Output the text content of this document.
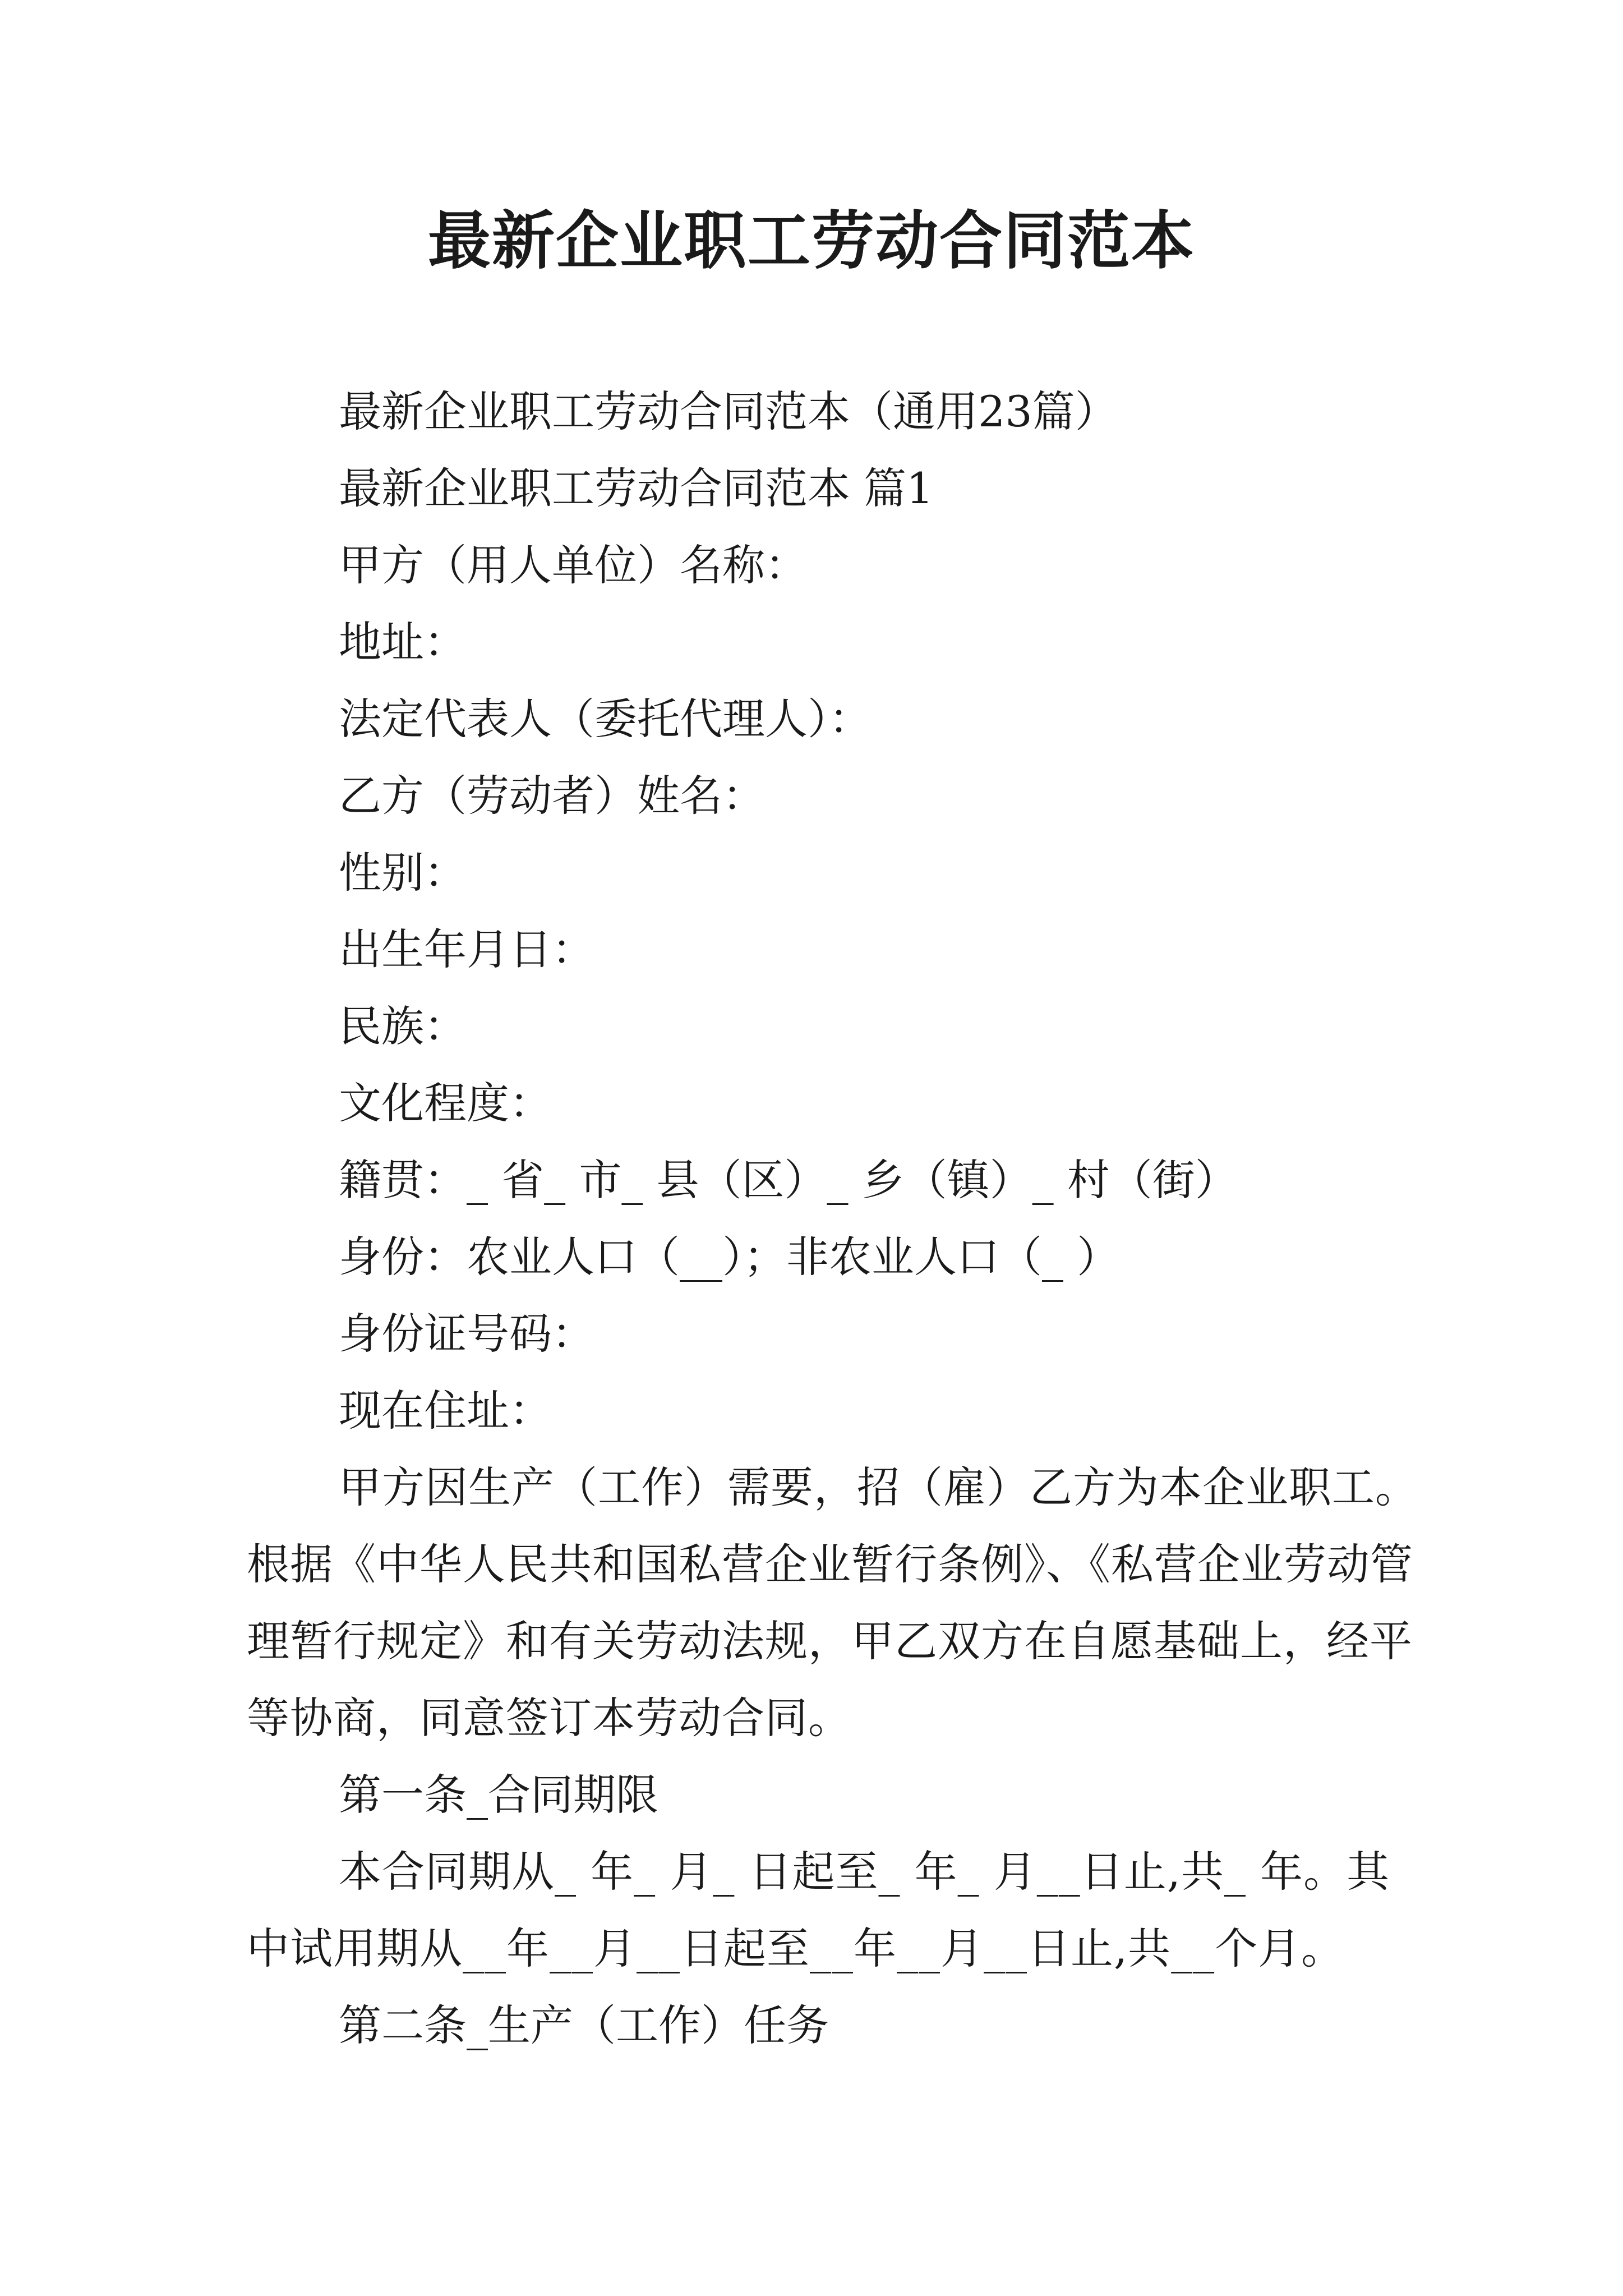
最新企业职工劳动合同范本

最新企业职工劳动合同范本（通用23篇）

最新企业职工劳动合同范本 篇1

甲方（用人单位）名称：

地址：

法定代表人（委托代理人）：

乙方（劳动者）姓名：

性别：

出生年月日：

民族：

文化程度：

籍贯：_ 省_ 市_ 县（区）_ 乡（镇）_ 村（街）

身份：农业人口（__）；非农业人口（_ ）

身份证号码：

现在住址：

甲方因生产（工作）需要，招（雇）乙方为本企业职工。根据《中华人民共和国私营企业暂行条例》、《私营企业劳动管理暂行规定》和有关劳动法规，甲乙双方在自愿基础上，经平等协商，同意签订本劳动合同。

第一条_合同期限

本合同期从_ 年_ 月_ 日起至_ 年_ 月__日止,共_ 年。其中试用期从__年__月__日起至__年__月__日止,共__个月。

第二条_生产（工作）任务
